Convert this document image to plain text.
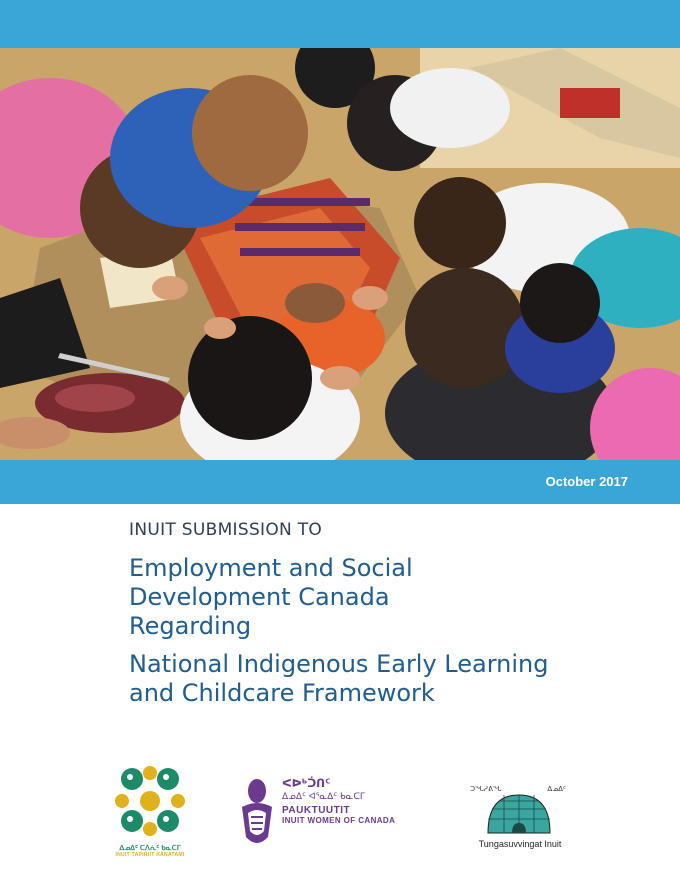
October 2017
INUIT SUBMISSION TO
Employment and Social Development Canada Regarding
National Indigenous Early Learning and Childcare Framework
ᐃᓄᐃᑦ ᑕᐱᕇᑦ ᑲᓇᑕᒥ
INUIT TAPIRIIT KANATAMI
ᐸᐅᒃᑑᑎᑦ
ᐃᓄᐃᑦ ᐊᕐᓇᐃᑦ ᑲᓇᑕᒥ
PAUKTUUTIT
INUIT WOMEN OF CANADA
ᑐᖓᓱᕕᖓ	ᐃᓄᐃᑦ
Tungasuvvingat Inuit
